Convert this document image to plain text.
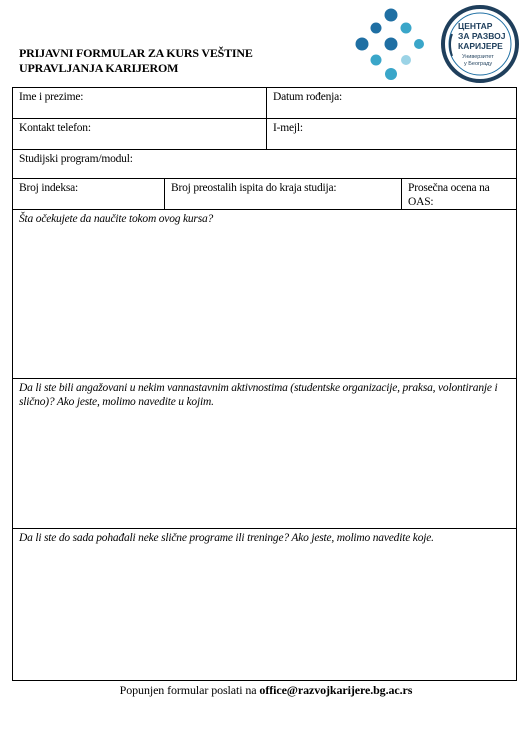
PRIJAVNI FORMULAR ZA KURS VEŠTINE
UPRAVLJANJA KARIJEROM
ЦЕНТАР
ЗА РАЗВОЈ
КАРИЈЕРЕ
Универзитет
у Београду
Ime i prezime:	Datum rođenja:
Kontakt telefon:	I-mejl:
Studijski program/modul:
Broj indeksa:	Broj preostalih ispita do kraja studija:	Prosečna ocena na
OAS:
Šta očekujete da naučite tokom ovog kursa?
Da li ste bili angažovani u nekim vannastavnim aktivnostima (studentske organizacije, praksa, volontiranje i slično)? Ako jeste, molimo navedite u kojim.
Da li ste do sada pohađali neke slične programe ili treninge? Ako jeste, molimo navedite koje.
Popunjen formular poslati na office@razvojkarijere.bg.ac.rs
